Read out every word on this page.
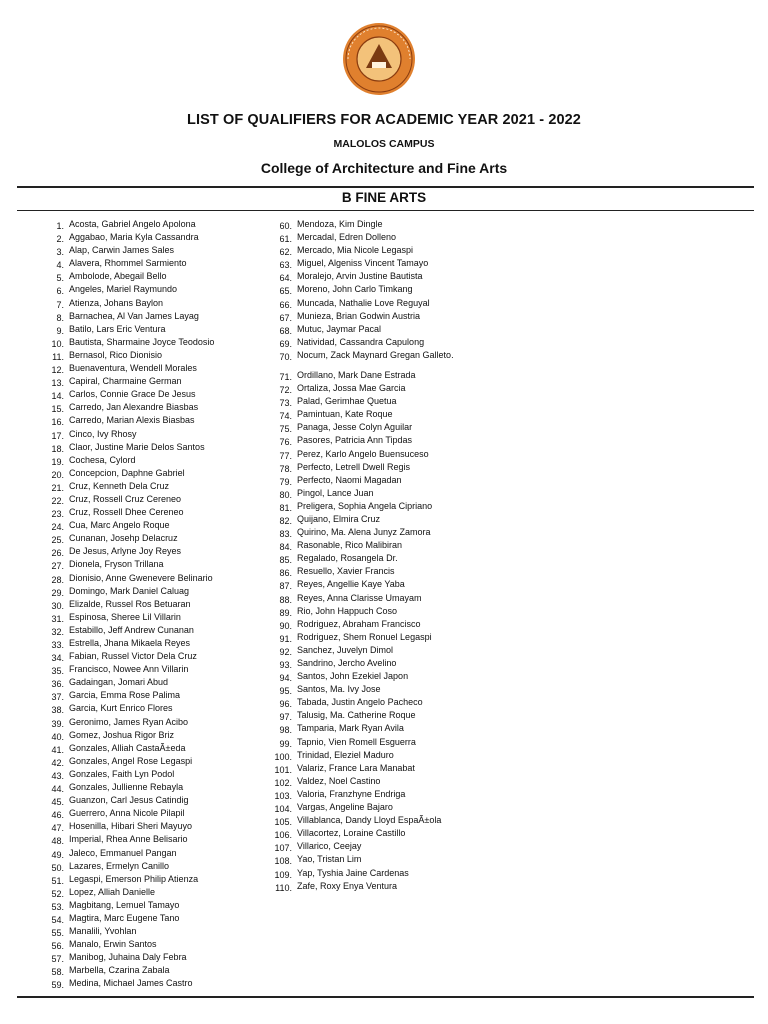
LIST OF QUALIFIERS FOR ACADEMIC YEAR 2021 - 2022
MALOLOS CAMPUS
College of Architecture and Fine Arts
B FINE ARTS
1. Acosta, Gabriel Angelo Apolona
2. Aggabao, Maria Kyla Cassandra
3. Alap, Carwin James Sales
4. Alavera, Rhommel Sarmiento
5. Ambolode, Abegail Bello
6. Angeles, Mariel Raymundo
7. Atienza, Johans Baylon
8. Barnachea, Al Van James Layag
9. Batilo, Lars Eric Ventura
10. Bautista, Sharmaine Joyce Teodosio
11. Bernasol, Rico Dionisio
12. Buenaventura, Wendell Morales
13. Capiral, Charmaine German
14. Carlos, Connie Grace De Jesus
15. Carredo, Jan Alexandre Biasbas
16. Carredo, Marian Alexis Biasbas
17. Cinco, Ivy Rhosy
18. Claor, Justine Marie Delos Santos
19. Cochesa, Cylord
20. Concepcion, Daphne Gabriel
21. Cruz, Kenneth Dela Cruz
22. Cruz, Rossell Cruz Cereneo
23. Cruz, Rossell Dhee Cereneo
24. Cua, Marc Angelo Roque
25. Cunanan, Josehp Delacruz
26. De Jesus, Arlyne Joy Reyes
27. Dionela, Fryson Trillana
28. Dionisio, Anne Gwenevere Belinario
29. Domingo, Mark Daniel Caluag
30. Elizalde, Russel Ros Betuaran
31. Espinosa, Sheree Lil Villarin
32. Estabillo, Jeff Andrew Cunanan
33. Estrella, Jhana Mikaela Reyes
34. Fabian, Russel Victor Dela Cruz
35. Francisco, Nowee Ann Villarin
36. Gadaingan, Jomari Abud
37. Garcia, Emma Rose Palima
38. Garcia, Kurt Enrico Flores
39. Geronimo, James Ryan Acibo
40. Gomez, Joshua Rigor Briz
41. Gonzales, Alliah CastaÃ±eda
42. Gonzales, Angel Rose Legaspi
43. Gonzales, Faith Lyn Podol
44. Gonzales, Jullienne Rebayla
45. Guanzon, Carl Jesus Catindig
46. Guerrero, Anna Nicole Pilapil
47. Hosenilla, Hibari Sheri Mayuyo
48. Imperial, Rhea Anne Belisario
49. Jaleco, Emmanuel Pangan
50. Lazares, Ermelyn Canillo
51. Legaspi, Emerson Philip Atienza
52. Lopez, Alliah Danielle
53. Magbitang, Lemuel Tamayo
54. Magtira, Marc Eugene Tano
55. Manalili, Yvohlan
56. Manalo, Erwin Santos
57. Manibog, Juhaina Daly Febra
58. Marbella, Czarina Zabala
59. Medina, Michael James Castro
60. Mendoza, Kim Dingle
61. Mercadal, Edren Dolleno
62. Mercado, Mia Nicole Legaspi
63. Miguel, Algeniss Vincent Tamayo
64. Moralejo, Arvin Justine Bautista
65. Moreno, John Carlo Timkang
66. Muncada, Nathalie Love Reguyal
67. Munieza, Brian Godwin Austria
68. Mutuc, Jaymar Pacal
69. Natividad, Cassandra Capulong
70. Nocum, Zack Maynard Gregan Galleto.
71. Ordillano, Mark Dane Estrada
72. Ortaliza, Jossa Mae Garcia
73. Palad, Gerimhae Quetua
74. Pamintuan, Kate Roque
75. Panaga, Jesse Colyn Aguilar
76. Pasores, Patricia Ann Tipdas
77. Perez, Karlo Angelo Buensuceso
78. Perfecto, Letrell Dwell Regis
79. Perfecto, Naomi Magadan
80. Pingol, Lance Juan
81. Preligera, Sophia Angela Cipriano
82. Quijano, Elmira Cruz
83. Quirino, Ma. Alena Junyz Zamora
84. Rasonable, Rico Malibiran
85. Regalado, Rosangela Dr.
86. Resuello, Xavier Francis
87. Reyes, Angellie Kaye Yaba
88. Reyes, Anna Clarisse Umayam
89. Rio, John Happuch Coso
90. Rodriguez, Abraham Francisco
91. Rodriguez, Shem Ronuel Legaspi
92. Sanchez, Juvelyn Dimol
93. Sandrino, Jercho Avelino
94. Santos, John Ezekiel Japon
95. Santos, Ma. Ivy Jose
96. Tabada, Justin Angelo Pacheco
97. Talusig, Ma. Catherine Roque
98. Tamparia, Mark Ryan Avila
99. Tapnio, Vien Romell Esguerra
100. Trinidad, Eleziel Maduro
101. Valariz, France Lara Manabat
102. Valdez, Noel Castino
103. Valoria, Franzhyne Endriga
104. Vargas, Angeline Bajaro
105. Villablanca, Dandy Lloyd EspaÃ±ola
106. Villacortez, Loraine Castillo
107. Villarico, Ceejay
108. Yao, Tristan Lim
109. Yap, Tyshia Jaine Cardenas
110. Zafe, Roxy Enya Ventura
